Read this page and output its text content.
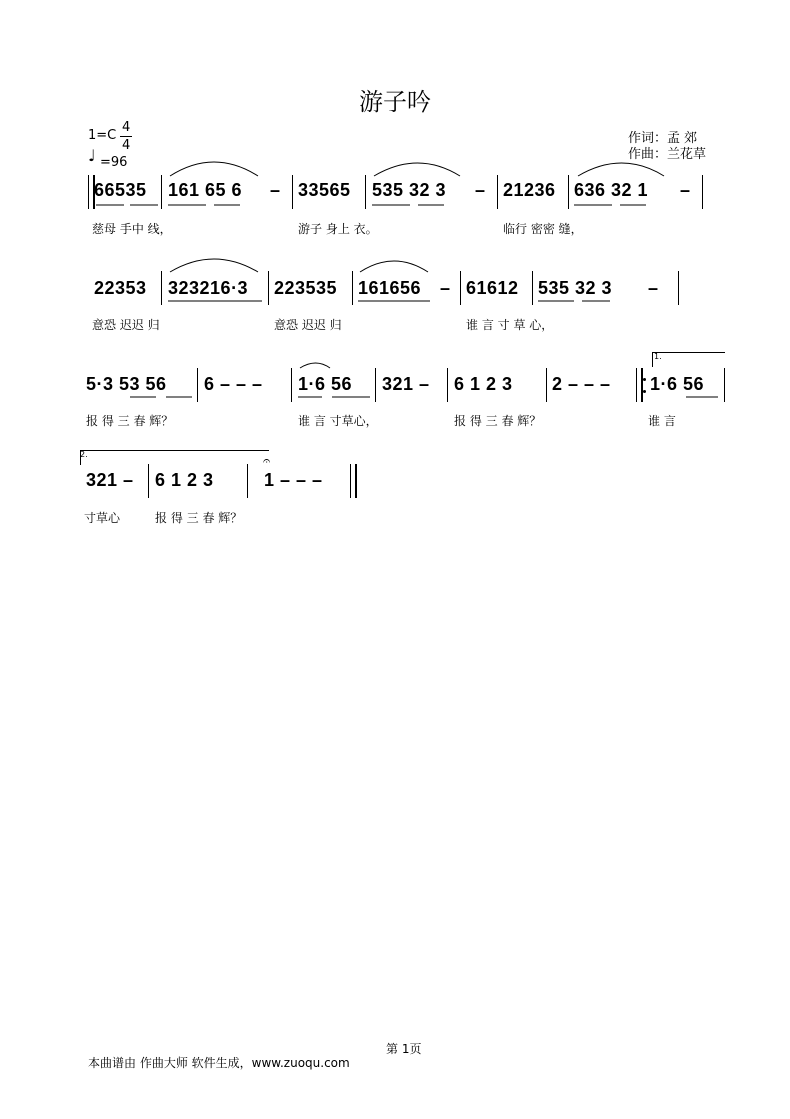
游子吟
1=C
4
4
♩ =96
作词：孟 郊
作曲：兰花草
66535 161 65 6 – 33565 535 32 3 – 21236 636 32 1 –
慈母 手中 线，	游子 身上 衣。	临行 密密 缝，
22353 323216·3 223535 161656 – 61612 535 32 3 –
意恐 迟迟 归	意恐 迟迟 归	谁 言 寸 草 心，
5·3 53 56 6 – – – 1·6 56 321 – 6 1 2 3 2 – – – 1·6 56
1.
报 得 三 春 辉？	谁 言 寸草心，	报 得 三 春 辉？	谁 言
2.
321 – 6 1 2 3	1 – – –
𝄐
寸草心	报 得 三 春 辉？
第 1页
本曲谱由 作曲大师 软件生成，www.zuoqu.com
